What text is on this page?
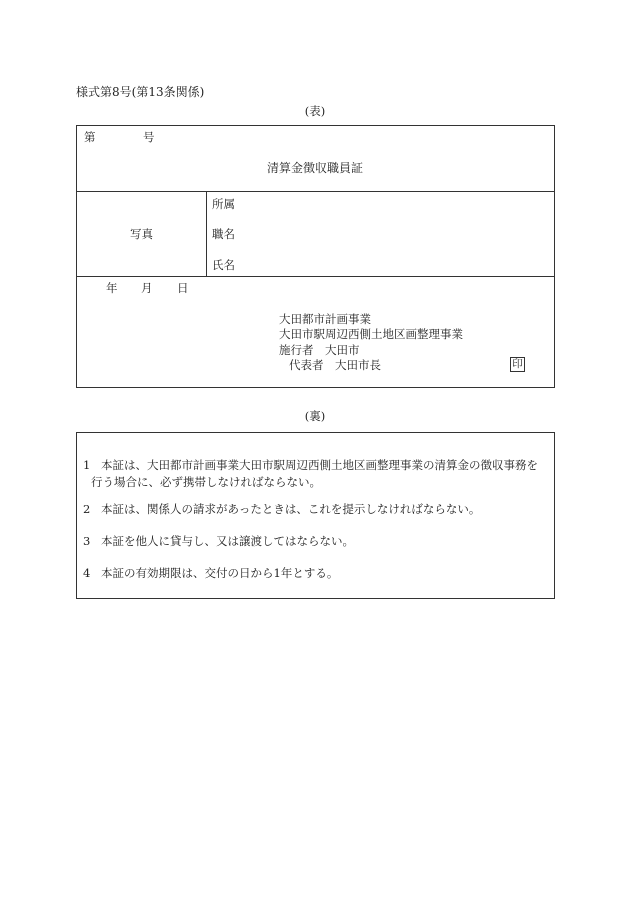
様式第8号(第13条関係)
(表)
第	号
清算金徴収職員証
写真
所属
職名
氏名
年 月 日
大田都市計画事業
大田市駅周辺西側土地区画整理事業
施行者　大田市
代表者　大田市長	印
(裏)
1 本証は、大田都市計画事業大田市駅周辺西側土地区画整理事業の清算金の徴収事務を
行う場合に、必ず携帯しなければならない。
2 本証は、関係人の請求があったときは、これを提示しなければならない。
3 本証を他人に貸与し、又は譲渡してはならない。
4 本証の有効期限は、交付の日から1年とする。
